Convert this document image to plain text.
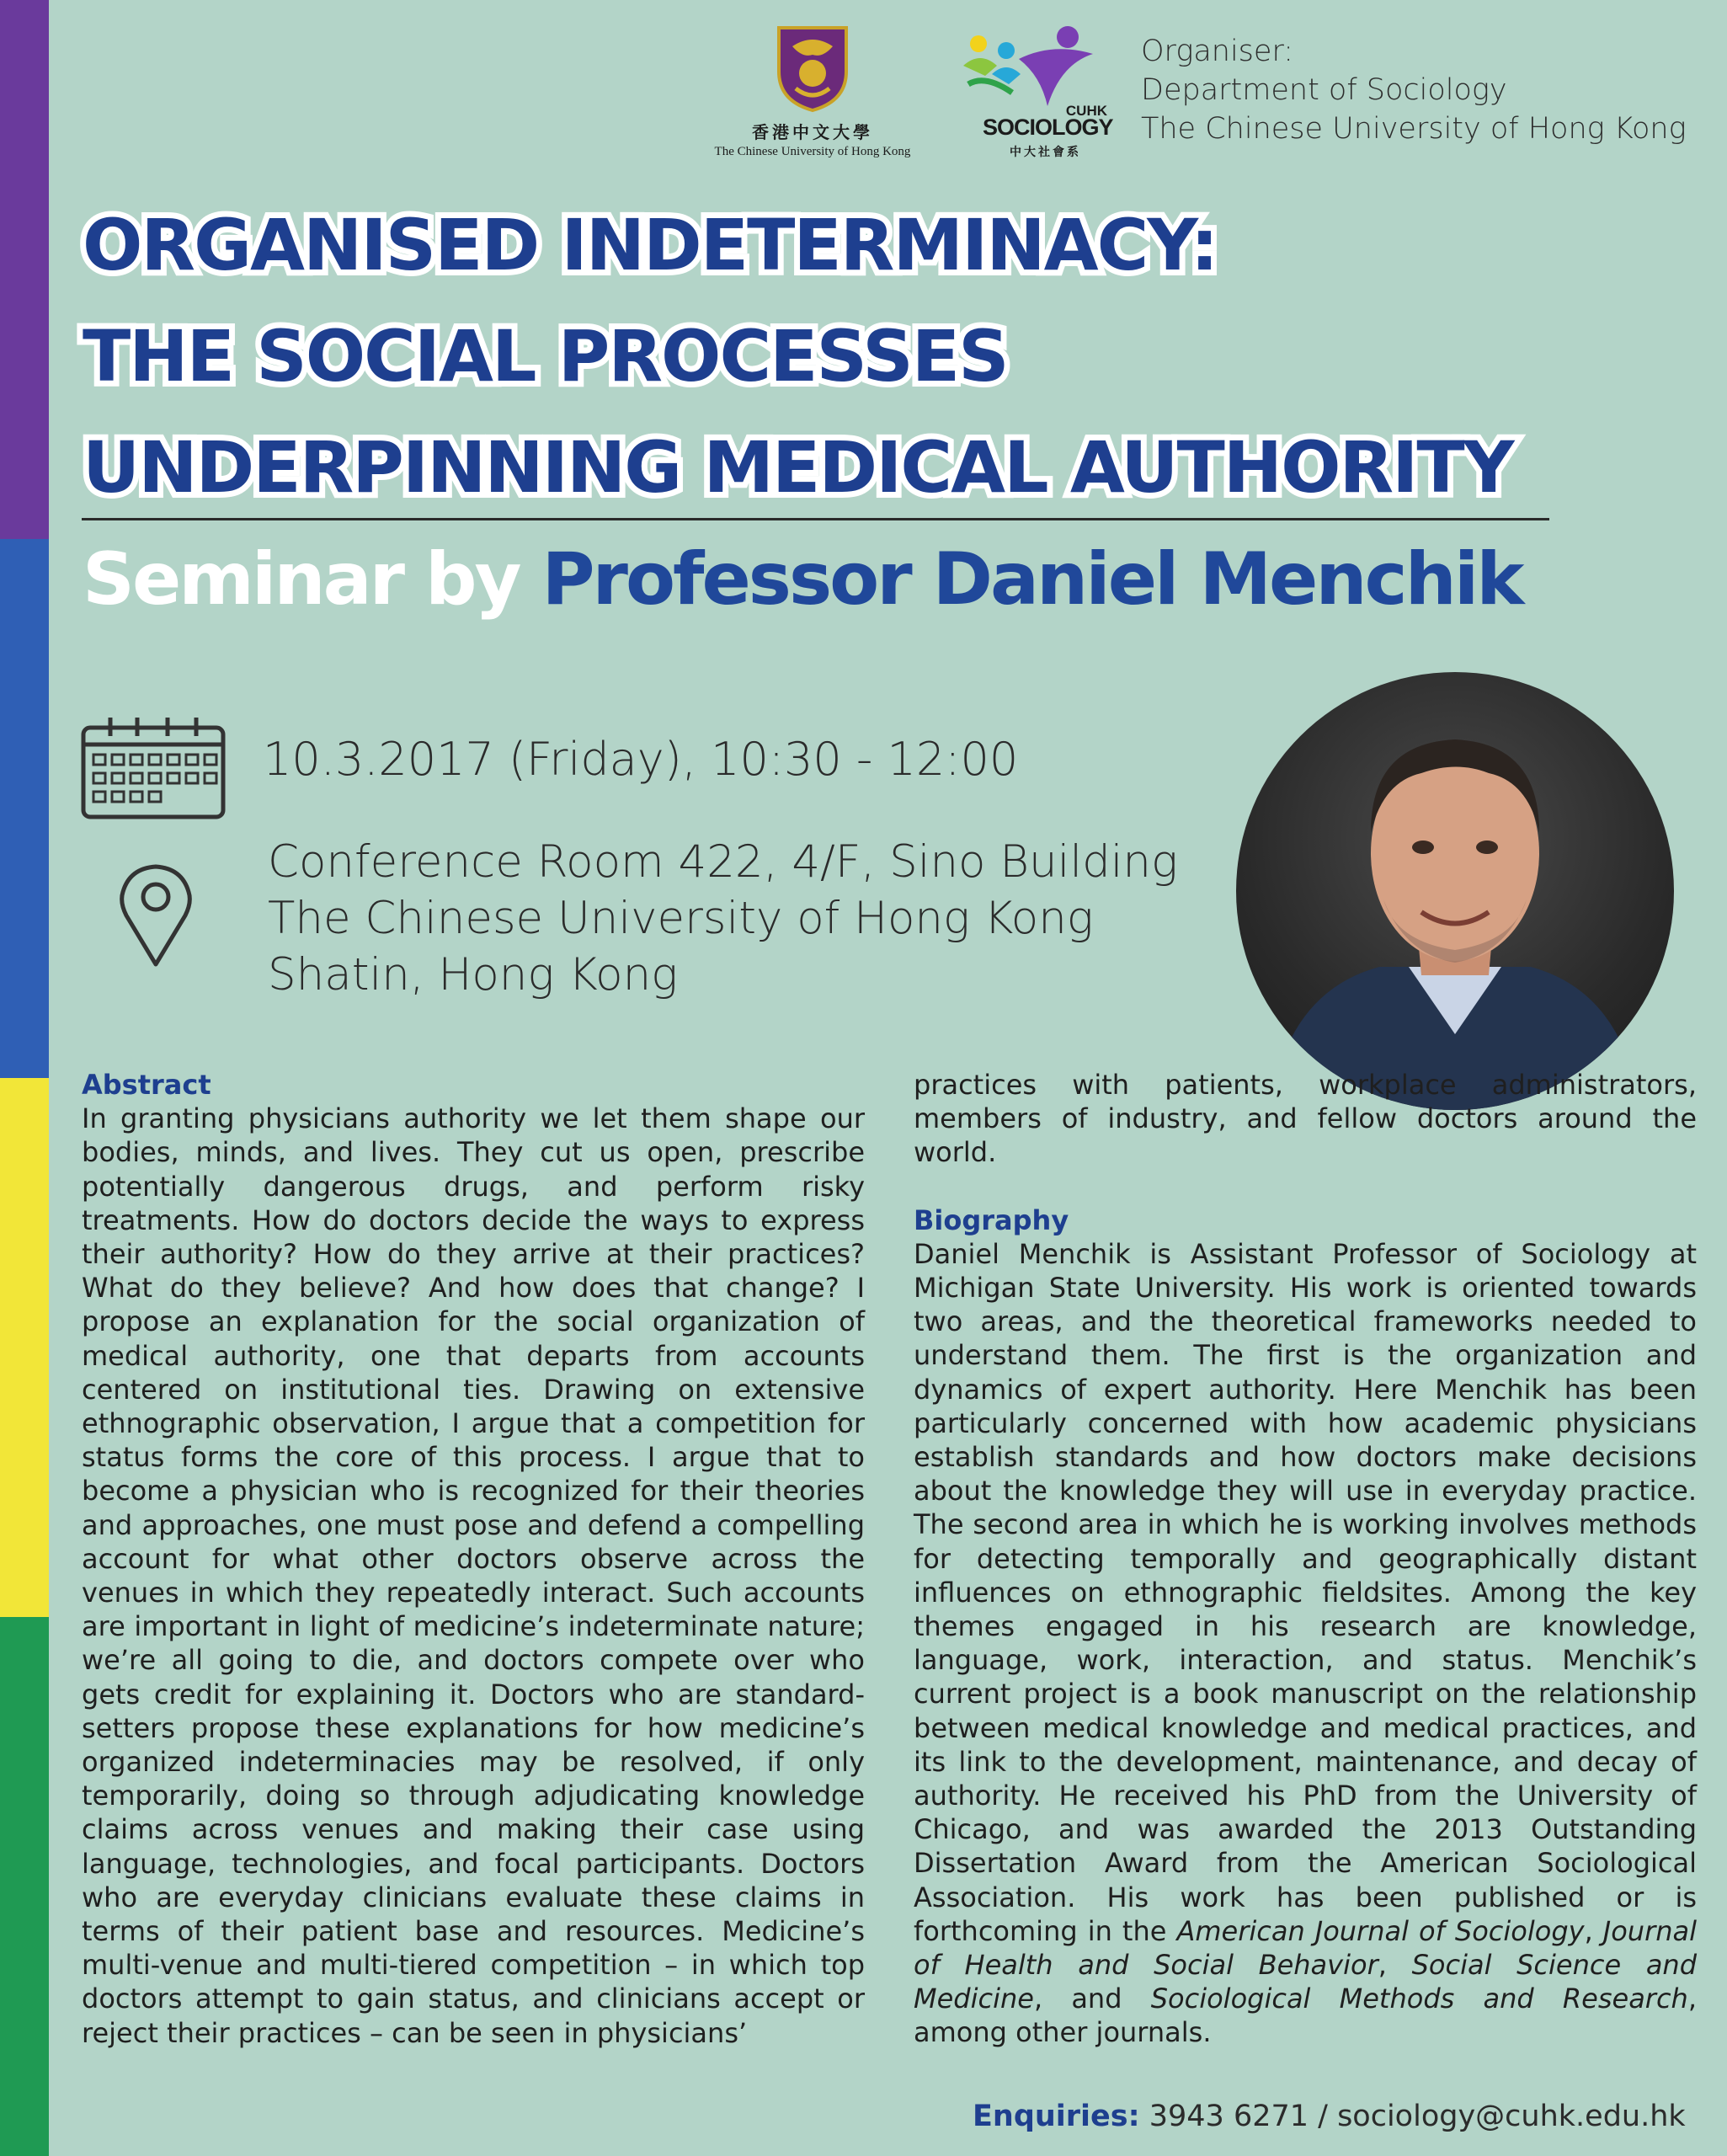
香港中文大學
The Chinese University of Hong Kong
CUHK
SOCIOLOGY
中大社會系
Organiser:
Department of Sociology
The Chinese University of Hong Kong
ORGANISED INDETERMINACY:
THE SOCIAL PROCESSES
UNDERPINNING MEDICAL AUTHORITY
Seminar by Professor Daniel Menchik
10.3.2017 (Friday), 10:30 - 12:00
Conference Room 422, 4/F, Sino Building
The Chinese University of Hong Kong
Shatin, Hong Kong
Abstract
In granting physicians authority we let them shape our bodies, minds, and lives. They cut us open, prescribe potentially dangerous drugs, and perform risky treatments. How do doctors decide the ways to express their authority? How do they arrive at their practices? What do they believe? And how does that change? I propose an explanation for the social organization of medical authority, one that departs from accounts centered on institutional ties. Drawing on extensive ethnographic observation, I argue that a competition for status forms the core of this process. I argue that to become a physician who is recognized for their theories and approaches, one must pose and defend a compelling account for what other doctors observe across the venues in which they repeatedly interact. Such accounts are important in light of medicine’s indeterminate nature; we’re all going to die, and doctors compete over who gets credit for explaining it. Doctors who are standard-setters propose these explanations for how medicine’s organized indeterminacies may be resolved, if only temporarily, doing so through adjudicating knowledge claims across venues and making their case using language, technologies, and focal participants. Doctors who are everyday clinicians evaluate these claims in terms of their patient base and resources. Medicine’s multi-venue and multi-tiered competition – in which top doctors attempt to gain status, and clinicians accept or reject their practices – can be seen in physicians’
practices with patients, workplace administrators, members of industry, and fellow doctors around the world.
Biography
Daniel Menchik is Assistant Professor of Sociology at Michigan State University. His work is oriented towards two areas, and the theoretical frameworks needed to understand them. The first is the organization and dynamics of expert authority. Here Menchik has been particularly concerned with how academic physicians establish standards and how doctors make decisions about the knowledge they will use in everyday practice. The second area in which he is working involves methods for detecting temporally and geographically distant influences on ethnographic fieldsites. Among the key themes engaged in his research are knowledge, language, work, interaction, and status. Menchik’s current project is a book manuscript on the relationship between medical knowledge and medical practices, and its link to the development, maintenance, and decay of authority. He received his PhD from the University of Chicago, and was awarded the 2013 Outstanding Dissertation Award from the American Sociological Association. His work has been published or is forthcoming in the American Journal of Sociology, Journal of Health and Social Behavior, Social Science and Medicine, and Sociological Methods and Research, among other journals.
Enquiries: 3943 6271 / sociology@cuhk.edu.hk
